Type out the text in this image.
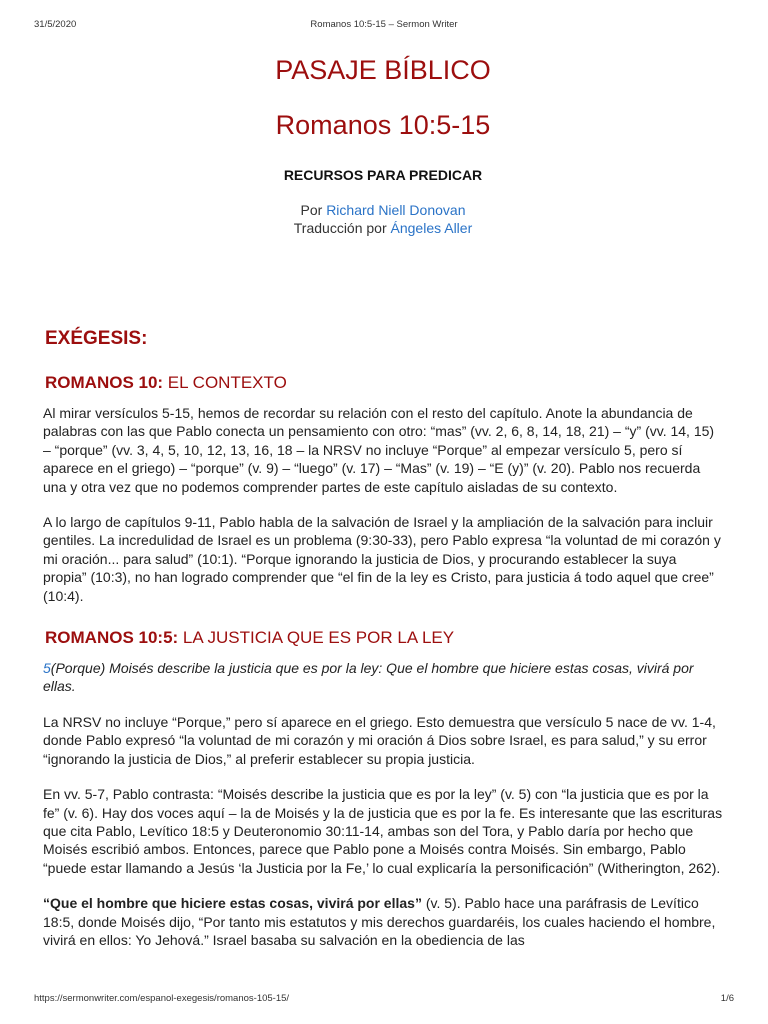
31/5/2020	Romanos 10:5-15 – Sermon Writer
PASAJE BÍBLICO
Romanos 10:5-15
RECURSOS PARA PREDICAR
Por Richard Niell Donovan
Traducción por Ángeles Aller
EXÉGESIS:
ROMANOS 10: EL CONTEXTO

Al mirar versículos 5-15, hemos de recordar su relación con el resto del capítulo. Anote la abundancia de palabras con las que Pablo conecta un pensamiento con otro: “mas” (vv. 2, 6, 8, 14, 18, 21) – “y” (vv. 14, 15) – “porque” (vv. 3, 4, 5, 10, 12, 13, 16, 18 – la NRSV no incluye “Porque” al empezar versículo 5, pero sí aparece en el griego) – “porque” (v. 9) – “luego” (v. 17) – “Mas” (v. 19) – “E (y)” (v. 20). Pablo nos recuerda una y otra vez que no podemos comprender partes de este capítulo aisladas de su contexto.

A lo largo de capítulos 9-11, Pablo habla de la salvación de Israel y la ampliación de la salvación para incluir gentiles. La incredulidad de Israel es un problema (9:30-33), pero Pablo expresa “la voluntad de mi corazón y mi oración... para salud” (10:1). “Porque ignorando la justicia de Dios, y procurando establecer la suya propia” (10:3), no han logrado comprender que “el fin de la ley es Cristo, para justicia á todo aquel que cree” (10:4).

ROMANOS 10:5: LA JUSTICIA QUE ES POR LA LEY

5(Porque) Moisés describe la justicia que es por la ley: Que el hombre que hiciere estas cosas, vivirá por ellas.

La NRSV no incluye “Porque,” pero sí aparece en el griego. Esto demuestra que versículo 5 nace de vv. 1-4, donde Pablo expresó “la voluntad de mi corazón y mi oración á Dios sobre Israel, es para salud,” y su error “ignorando la justicia de Dios,” al preferir establecer su propia justicia.

En vv. 5-7, Pablo contrasta: “Moisés describe la justicia que es por la ley” (v. 5) con “la justicia que es por la fe” (v. 6). Hay dos voces aquí – la de Moisés y la de justicia que es por la fe. Es interesante que las escrituras que cita Pablo, Levítico 18:5 y Deuteronomio 30:11-14, ambas son del Tora, y Pablo daría por hecho que Moisés escribió ambos. Entonces, parece que Pablo pone a Moisés contra Moisés. Sin embargo, Pablo “puede estar llamando a Jesús ‘la Justicia por la Fe,’ lo cual explicaría la personificación” (Witherington, 262).

“Que el hombre que hiciere estas cosas, vivirá por ellas” (v. 5). Pablo hace una paráfrasis de Levítico 18:5, donde Moisés dijo, “Por tanto mis estatutos y mis derechos guardaréis, los cuales haciendo el hombre, vivirá en ellos: Yo Jehová.” Israel basaba su salvación en la obediencia de las

https://sermonwriter.com/espanol-exegesis/romanos-105-15/	1/6
